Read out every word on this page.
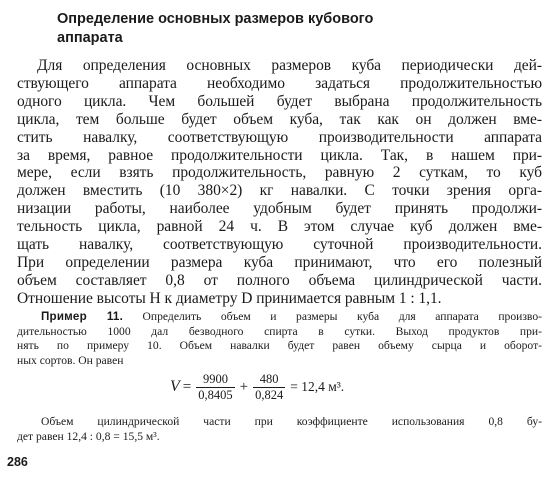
Определение основных размеров кубового
аппарата

Для определения основных размеров куба периодически дей-
ствующего аппарата необходимо задаться продолжительностью
одного цикла. Чем большей будет выбрана продолжительность
цикла, тем больше будет объем куба, так как он должен вме-
стить навалку, соответствующую производительности аппарата
за время, равное продолжительности цикла. Так, в нашем при-
мере, если взять продолжительность, равную 2 суткам, то куб
должен вместить (10 380×2) кг навалки. С точки зрения орга-
низации работы, наиболее удобным будет принять продолжи-
тельность цикла, равной 24 ч. В этом случае куб должен вме-
щать навалку, соответствующую суточной производительности.
При определении размера куба принимают, что его полезный
объем составляет 0,8 от полного объема цилиндрической части.
Отношение высоты H к диаметру D принимается равным 1 : 1,1.

Пример 11. Определить объем и размеры куба для аппарата произво-
дительностью 1000 дал безводного спирта в сутки. Выход продуктов при-
нять по примеру 10. Объем навалки будет равен объему сырца и оборот-
ных сортов. Он равен

$V = \frac{9900}{0,8405} + \frac{480}{0,824} = 12,4$ м³.

Объем цилиндрической части при коэффициенте использования 0,8 бу-
дет равен 12,4 : 0,8 = 15,5 м³.

286
